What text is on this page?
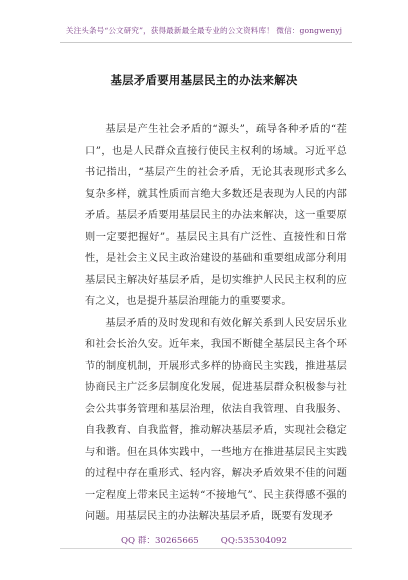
关注头条号“公文研究”，获得最新最全最专业的公文资料库！ 微信：gongwenyj
基层矛盾要用基层民主的办法来解决

基层是产生社会矛盾的“源头”，疏导各种矛盾的“茬口”，也是人民群众直接行使民主权利的场域。习近平总书记指出，“基层产生的社会矛盾，无论其表现形式多么复杂多样，就其性质而言绝大多数还是表现为人民的内部矛盾。基层矛盾要用基层民主的办法来解决，这一重要原则一定要把握好”。基层民主具有广泛性、直接性和日常性，是社会主义民主政治建设的基础和重要组成部分利用基层民主解决好基层矛盾，是切实维护人民民主权利的应有之义，也是提升基层治理能力的重要要求。

基层矛盾的及时发现和有效化解关系到人民安居乐业和社会长治久安。近年来，我国不断健全基层民主各个环节的制度机制，开展形式多样的协商民主实践，推进基层协商民主广泛多层制度化发展，促进基层群众积极参与社会公共事务管理和基层治理，依法自我管理、自我服务、自我教育、自我监督，推动解决基层矛盾，实现社会稳定与和谐。但在具体实践中，一些地方在推进基层民主实践的过程中存在重形式、轻内容，解决矛盾效果不佳的问题一定程度上带来民主运转“不接地气”、民主获得感不强的问题。用基层民主的办法解决基层矛盾，既要有发现矛

QQ 群：30265665	QQ:535304092
